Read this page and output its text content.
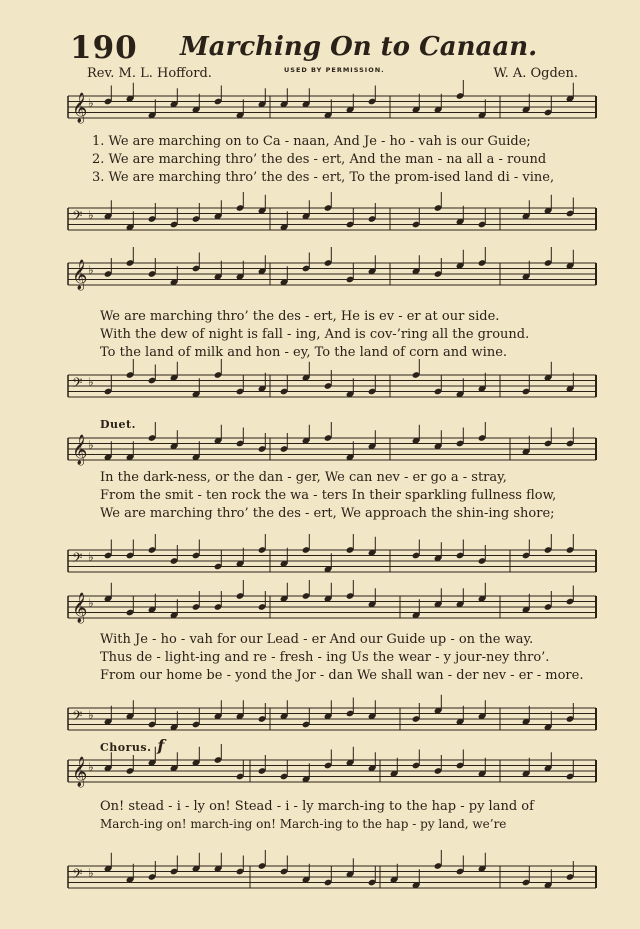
190 Marching On to Canaan.
Rev. M. L. Hofford.	USED BY PERMISSION.	W. A. Ogden.
♭
♭
𝄢
𝄞
1. We are marching on to Ca - naan, And Je - ho - vah is our Guide;
2. We are marching thro’ the des - ert, And the man - na all a - round
3. We are marching thro’ the des - ert, To the prom-ised land di - vine,
♭
♭
𝄢
𝄞
We are marching thro’ the des - ert, He is ev - er at our side.
With the dew of night is fall - ing, And is cov-’ring all the ground.
To the land of milk and hon - ey, To the land of corn and wine.
Duet.
♭
♭
𝄢
𝄞
In the dark-ness, or the dan - ger, We can nev - er go a - stray,
From the smit - ten rock the wa - ters In their sparkling fullness flow,
We are marching thro’ the des - ert, We approach the shin-ing shore;
♭
♭
𝄢
𝄞
With Je - ho - vah for our Lead - er And our Guide up - on the way.
Thus de - light-ing and re - fresh - ing Us the wear - y jour-ney thro’.
From our home be - yond the Jor - dan We shall wan - der nev - er - more.
Chorus. f
♭
♭
𝄢
𝄞
On! stead - i - ly on! Stead - i - ly march-ing to the hap - py land of
March-ing on! march-ing on! March-ing to the hap - py land, we’re
